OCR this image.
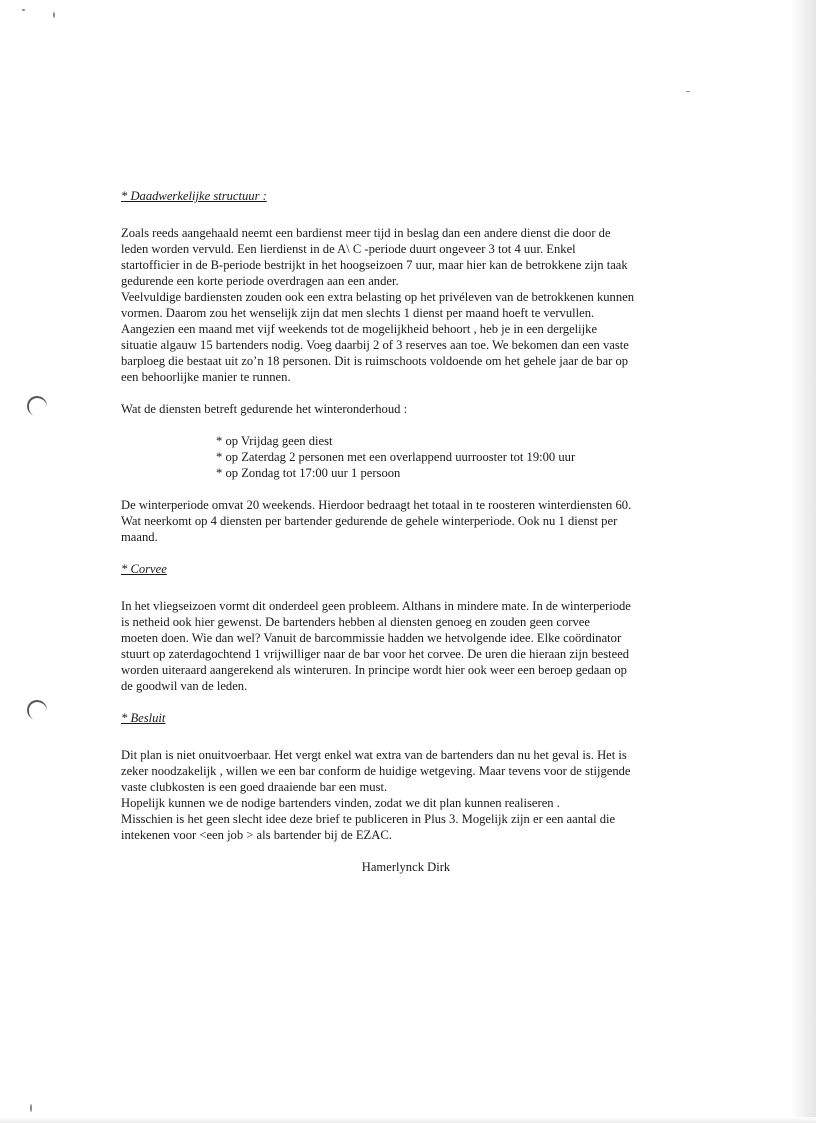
* Daadwerkelijke structuur :
Zoals reeds aangehaald neemt een bardienst meer tijd in beslag dan een andere dienst die door de
leden worden vervuld. Een lierdienst in de A\ C -periode duurt ongeveer 3 tot 4 uur. Enkel
startofficier in de B-periode bestrijkt in het hoogseizoen 7 uur, maar hier kan de betrokkene zijn taak
gedurende een korte periode overdragen aan een ander.
Veelvuldige bardiensten zouden ook een extra belasting op het privéleven van de betrokkenen kunnen
vormen. Daarom zou het wenselijk zijn dat men slechts 1 dienst per maand hoeft te vervullen.
Aangezien een maand met vijf weekends tot de mogelijkheid behoort , heb je in een dergelijke
situatie algauw 15 bartenders nodig. Voeg daarbij 2 of 3 reserves aan toe. We bekomen dan een vaste
barploeg die bestaat uit zo’n 18 personen. Dit is ruimschoots voldoende om het gehele jaar de bar op
een behoorlijke manier te runnen.
Wat de diensten betreft gedurende het winteronderhoud :
* op Vrijdag geen diest
* op Zaterdag 2 personen met een overlappend uurrooster tot 19:00 uur
* op Zondag tot 17:00 uur 1 persoon
De winterperiode omvat 20 weekends. Hierdoor bedraagt het totaal in te roosteren winterdiensten 60.
Wat neerkomt op 4 diensten per bartender gedurende de gehele winterperiode. Ook nu 1 dienst per
maand.
* Corvee
In het vliegseizoen vormt dit onderdeel geen probleem. Althans in mindere mate. In de winterperiode
is netheid ook hier gewenst. De bartenders hebben al diensten genoeg en zouden geen corvee
moeten doen. Wie dan wel? Vanuit de barcommissie hadden we hetvolgende idee. Elke coördinator
stuurt op zaterdagochtend 1 vrijwilliger naar de bar voor het corvee. De uren die hieraan zijn besteed
worden uiteraard aangerekend als winteruren. In principe wordt hier ook weer een beroep gedaan op
de goodwil van de leden.
* Besluit
Dit plan is niet onuitvoerbaar. Het vergt enkel wat extra van de bartenders dan nu het geval is. Het is
zeker noodzakelijk , willen we een bar conform de huidige wetgeving. Maar tevens voor de stijgende
vaste clubkosten is een goed draaiende bar een must.
Hopelijk kunnen we de nodige bartenders vinden, zodat we dit plan kunnen realiseren .
Misschien is het geen slecht idee deze brief te publiceren in Plus 3. Mogelijk zijn er een aantal die
intekenen voor <een job > als bartender bij de EZAC.
Hamerlynck Dirk
